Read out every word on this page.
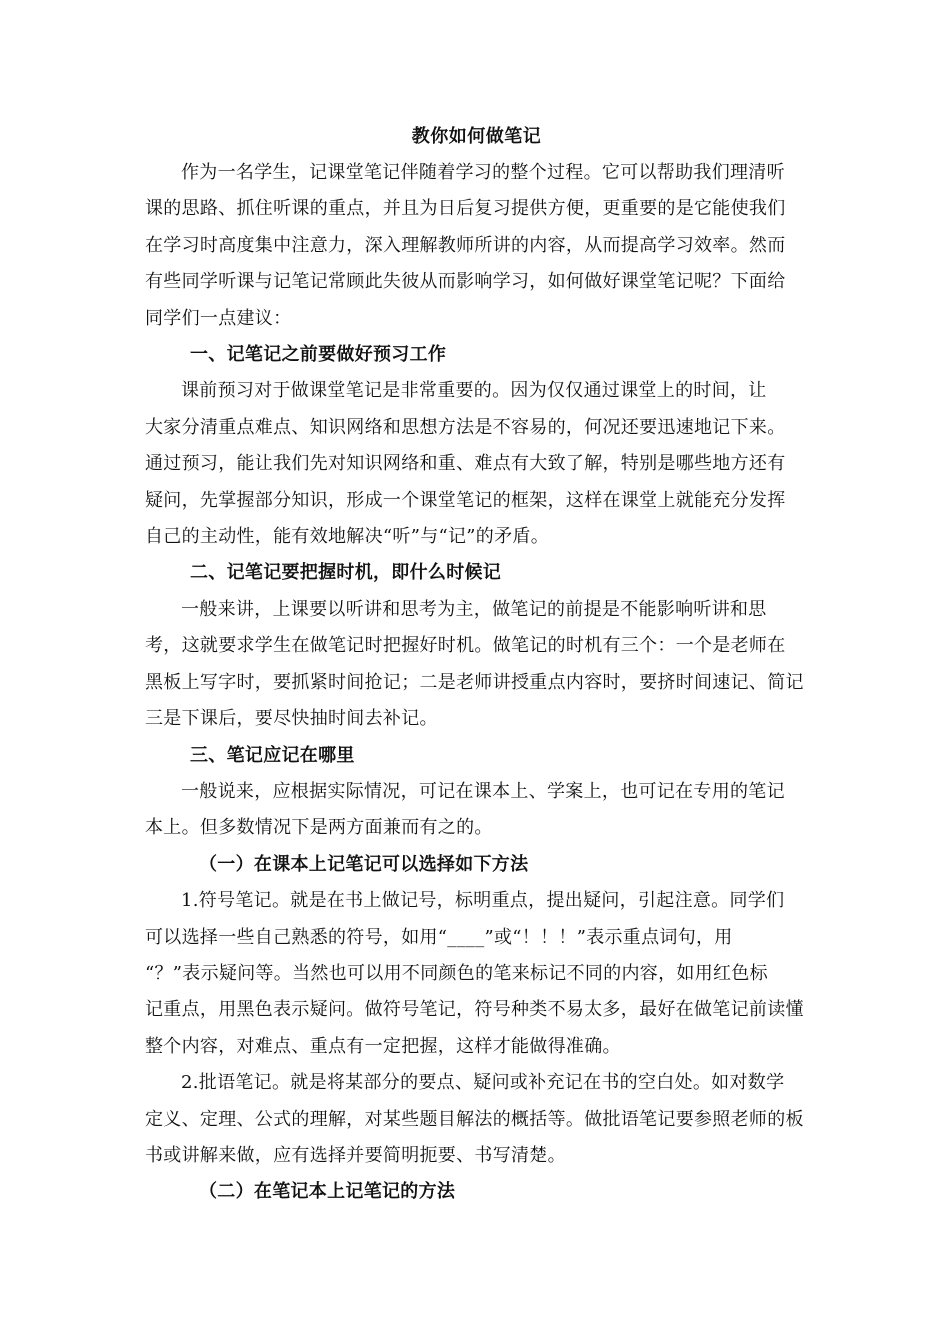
教你如何做笔记

作为一名学生，记课堂笔记伴随着学习的整个过程。它可以帮助我们理清听
课的思路、抓住听课的重点，并且为日后复习提供方便，更重要的是它能使我们
在学习时高度集中注意力，深入理解教师所讲的内容，从而提高学习效率。然而
有些同学听课与记笔记常顾此失彼从而影响学习，如何做好课堂笔记呢？下面给
同学们一点建议：

一、记笔记之前要做好预习工作

课前预习对于做课堂笔记是非常重要的。因为仅仅通过课堂上的时间，让
大家分清重点难点、知识网络和思想方法是不容易的，何况还要迅速地记下来。
通过预习，能让我们先对知识网络和重、难点有大致了解，特别是哪些地方还有
疑问，先掌握部分知识，形成一个课堂笔记的框架，这样在课堂上就能充分发挥
自己的主动性，能有效地解决“听”与“记”的矛盾。

二、记笔记要把握时机，即什么时候记

一般来讲，上课要以听讲和思考为主，做笔记的前提是不能影响听讲和思
考，这就要求学生在做笔记时把握好时机。做笔记的时机有三个：一个是老师在
黑板上写字时，要抓紧时间抢记；二是老师讲授重点内容时，要挤时间速记、简记
三是下课后，要尽快抽时间去补记。

三、笔记应记在哪里

一般说来，应根据实际情况，可记在课本上、学案上，也可记在专用的笔记
本上。但多数情况下是两方面兼而有之的。

（一）在课本上记笔记可以选择如下方法

1.符号笔记。就是在书上做记号，标明重点，提出疑问，引起注意。同学们
可以选择一些自己熟悉的符号，如用“____”或“！！！”表示重点词句，用
“？”表示疑问等。当然也可以用不同颜色的笔来标记不同的内容，如用红色标
记重点，用黑色表示疑问。做符号笔记，符号种类不易太多，最好在做笔记前读懂
整个内容，对难点、重点有一定把握，这样才能做得准确。

2.批语笔记。就是将某部分的要点、疑问或补充记在书的空白处。如对数学
定义、定理、公式的理解，对某些题目解法的概括等。做批语笔记要参照老师的板
书或讲解来做，应有选择并要简明扼要、书写清楚。

（二）在笔记本上记笔记的方法
